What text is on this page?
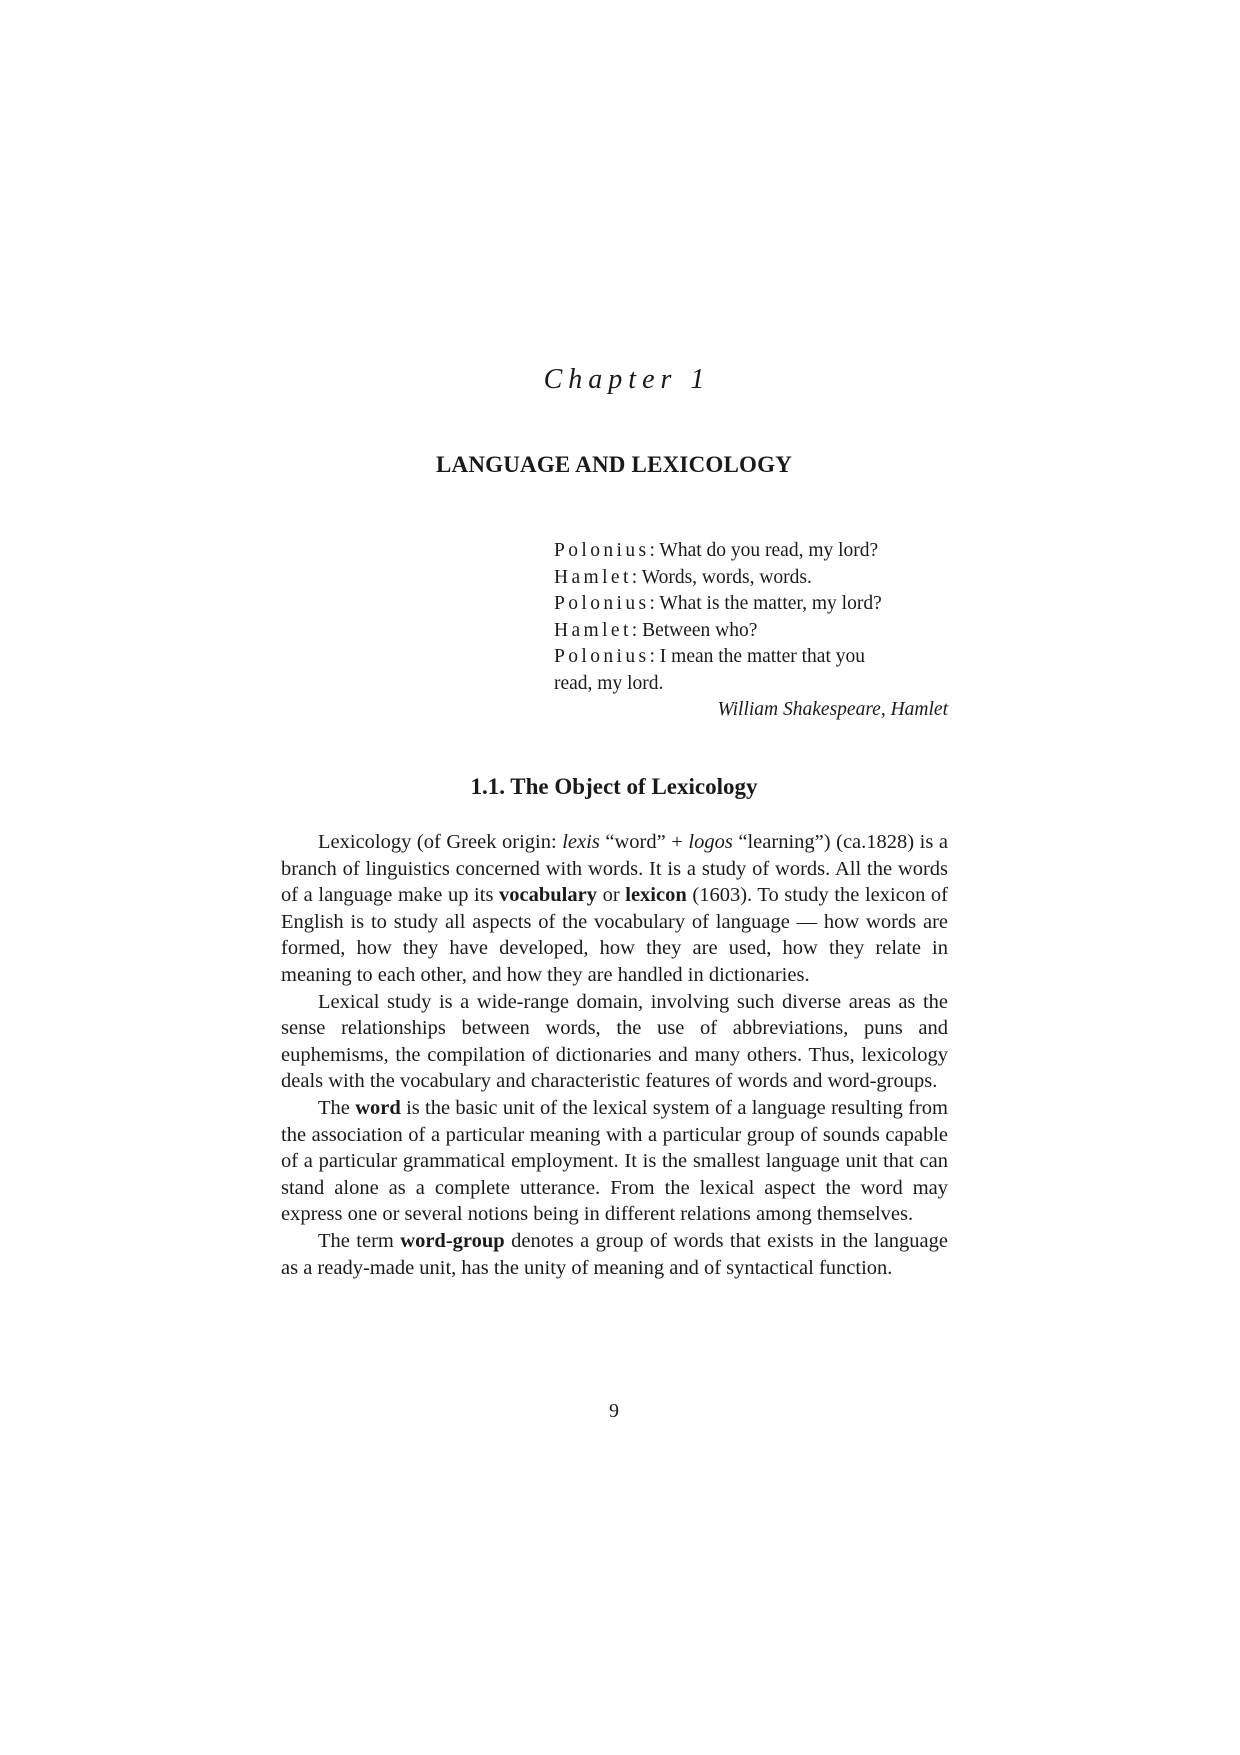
Chapter 1
LANGUAGE AND LEXICOLOGY
Polonius: What do you read, my lord?
Hamlet: Words, words, words.
Polonius: What is the matter, my lord?
Hamlet: Between who?
Polonius: I mean the matter that you
read, my lord.
William Shakespeare, Hamlet
1.1. The Object of Lexicology

Lexicology (of Greek origin: lexis “word” + logos “learning”) (ca.1828) is a branch of linguistics concerned with words. It is a study of words. All the words of a language make up its vocabulary or lexicon (1603). To study the lexicon of English is to study all aspects of the vocabulary of language — how words are formed, how they have developed, how they are used, how they relate in meaning to each other, and how they are handled in dictionaries.

Lexical study is a wide-range domain, involving such diverse areas as the sense relationships between words, the use of abbreviations, puns and euphemisms, the compilation of dictionaries and many others. Thus, lexicology deals with the vocabulary and characteristic features of words and word-groups.

The word is the basic unit of the lexical system of a language resulting from the association of a particular meaning with a particular group of sounds capable of a particular grammatical employment. It is the smallest language unit that can stand alone as a complete utterance. From the lexical aspect the word may express one or several notions being in different relations among themselves.

The term word-group denotes a group of words that exists in the language as a ready-made unit, has the unity of meaning and of syntactical function.

9
